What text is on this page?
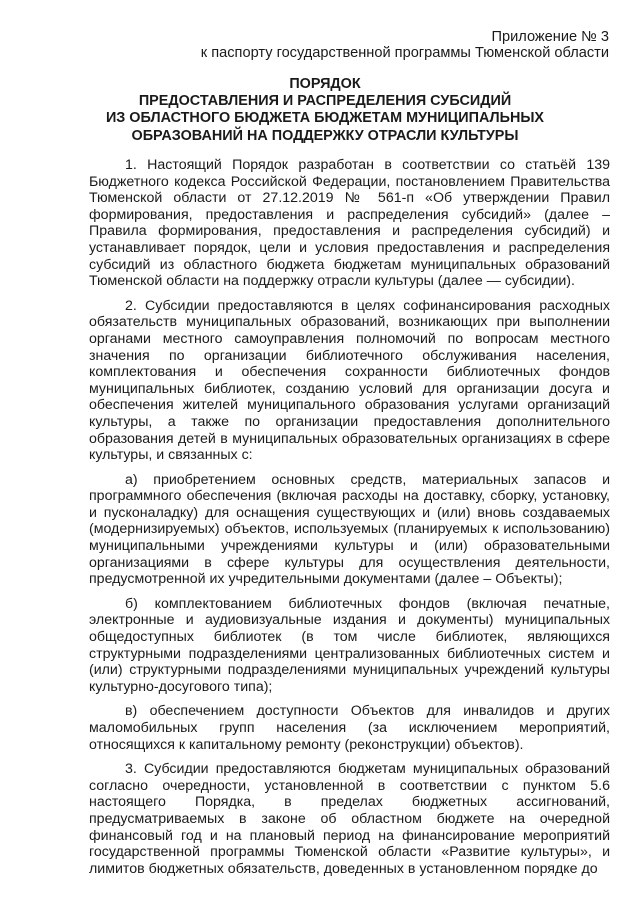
Приложение № 3
к паспорту государственной программы Тюменской области
ПОРЯДОК
ПРЕДОСТАВЛЕНИЯ И РАСПРЕДЕЛЕНИЯ СУБСИДИЙ
ИЗ ОБЛАСТНОГО БЮДЖЕТА БЮДЖЕТАМ МУНИЦИПАЛЬНЫХ
ОБРАЗОВАНИЙ НА ПОДДЕРЖКУ ОТРАСЛИ КУЛЬТУРЫ

1. Настоящий Порядок разработан в соответствии со статьёй 139 Бюджетного кодекса Российской Федерации, постановлением Правительства Тюменской области от 27.12.2019 № 561-п «Об утверждении Правил формирования, предоставления и распределения субсидий» (далее – Правила формирования, предоставления и распределения субсидий) и устанавливает порядок, цели и условия предоставления и распределения субсидий из областного бюджета бюджетам муниципальных образований Тюменской области на поддержку отрасли культуры (далее — субсидии).

2. Субсидии предоставляются в целях софинансирования расходных обязательств муниципальных образований, возникающих при выполнении органами местного самоуправления полномочий по вопросам местного значения по организации библиотечного обслуживания населения, комплектования и обеспечения сохранности библиотечных фондов муниципальных библиотек, созданию условий для организации досуга и обеспечения жителей муниципального образования услугами организаций культуры, а также по организации предоставления дополнительного образования детей в муниципальных образовательных организациях в сфере культуры, и связанных с:

а) приобретением основных средств, материальных запасов и программного обеспечения (включая расходы на доставку, сборку, установку, и пусконаладку) для оснащения существующих и (или) вновь создаваемых (модернизируемых) объектов, используемых (планируемых к использованию) муниципальными учреждениями культуры и (или) образовательными организациями в сфере культуры для осуществления деятельности, предусмотренной их учредительными документами (далее – Объекты);

б) комплектованием библиотечных фондов (включая печатные, электронные и аудиовизуальные издания и документы) муниципальных общедоступных библиотек (в том числе библиотек, являющихся структурными подразделениями централизованных библиотечных систем и (или) структурными подразделениями муниципальных учреждений культуры культурно-досугового типа);

в) обеспечением доступности Объектов для инвалидов и других маломобильных групп населения (за исключением мероприятий, относящихся к капитальному ремонту (реконструкции) объектов).

3. Субсидии предоставляются бюджетам муниципальных образований согласно очередности, установленной в соответствии с пунктом 5.6 настоящего Порядка, в пределах бюджетных ассигнований, предусматриваемых в законе об областном бюджете на очередной финансовый год и на плановый период на финансирование мероприятий государственной программы Тюменской области «Развитие культуры», и лимитов бюджетных обязательств, доведенных в установленном порядке до
